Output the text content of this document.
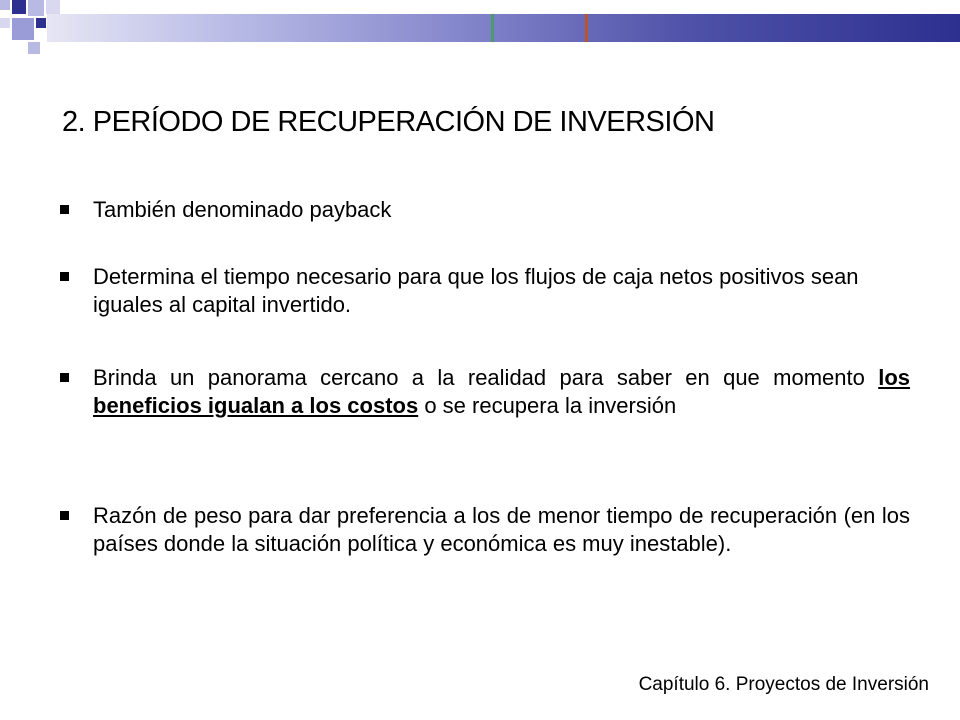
2. PERÍODO DE RECUPERACIÓN DE INVERSIÓN
También denominado payback
Determina el tiempo necesario para que los flujos de caja netos positivos sean iguales al capital invertido.
Brinda un panorama cercano a la realidad para saber en que momento los beneficios igualan a los costos o se recupera la inversión
Razón de peso para dar preferencia a los de menor tiempo de recuperación (en los países donde la situación política y económica es muy inestable).
Capítulo 6. Proyectos de Inversión
